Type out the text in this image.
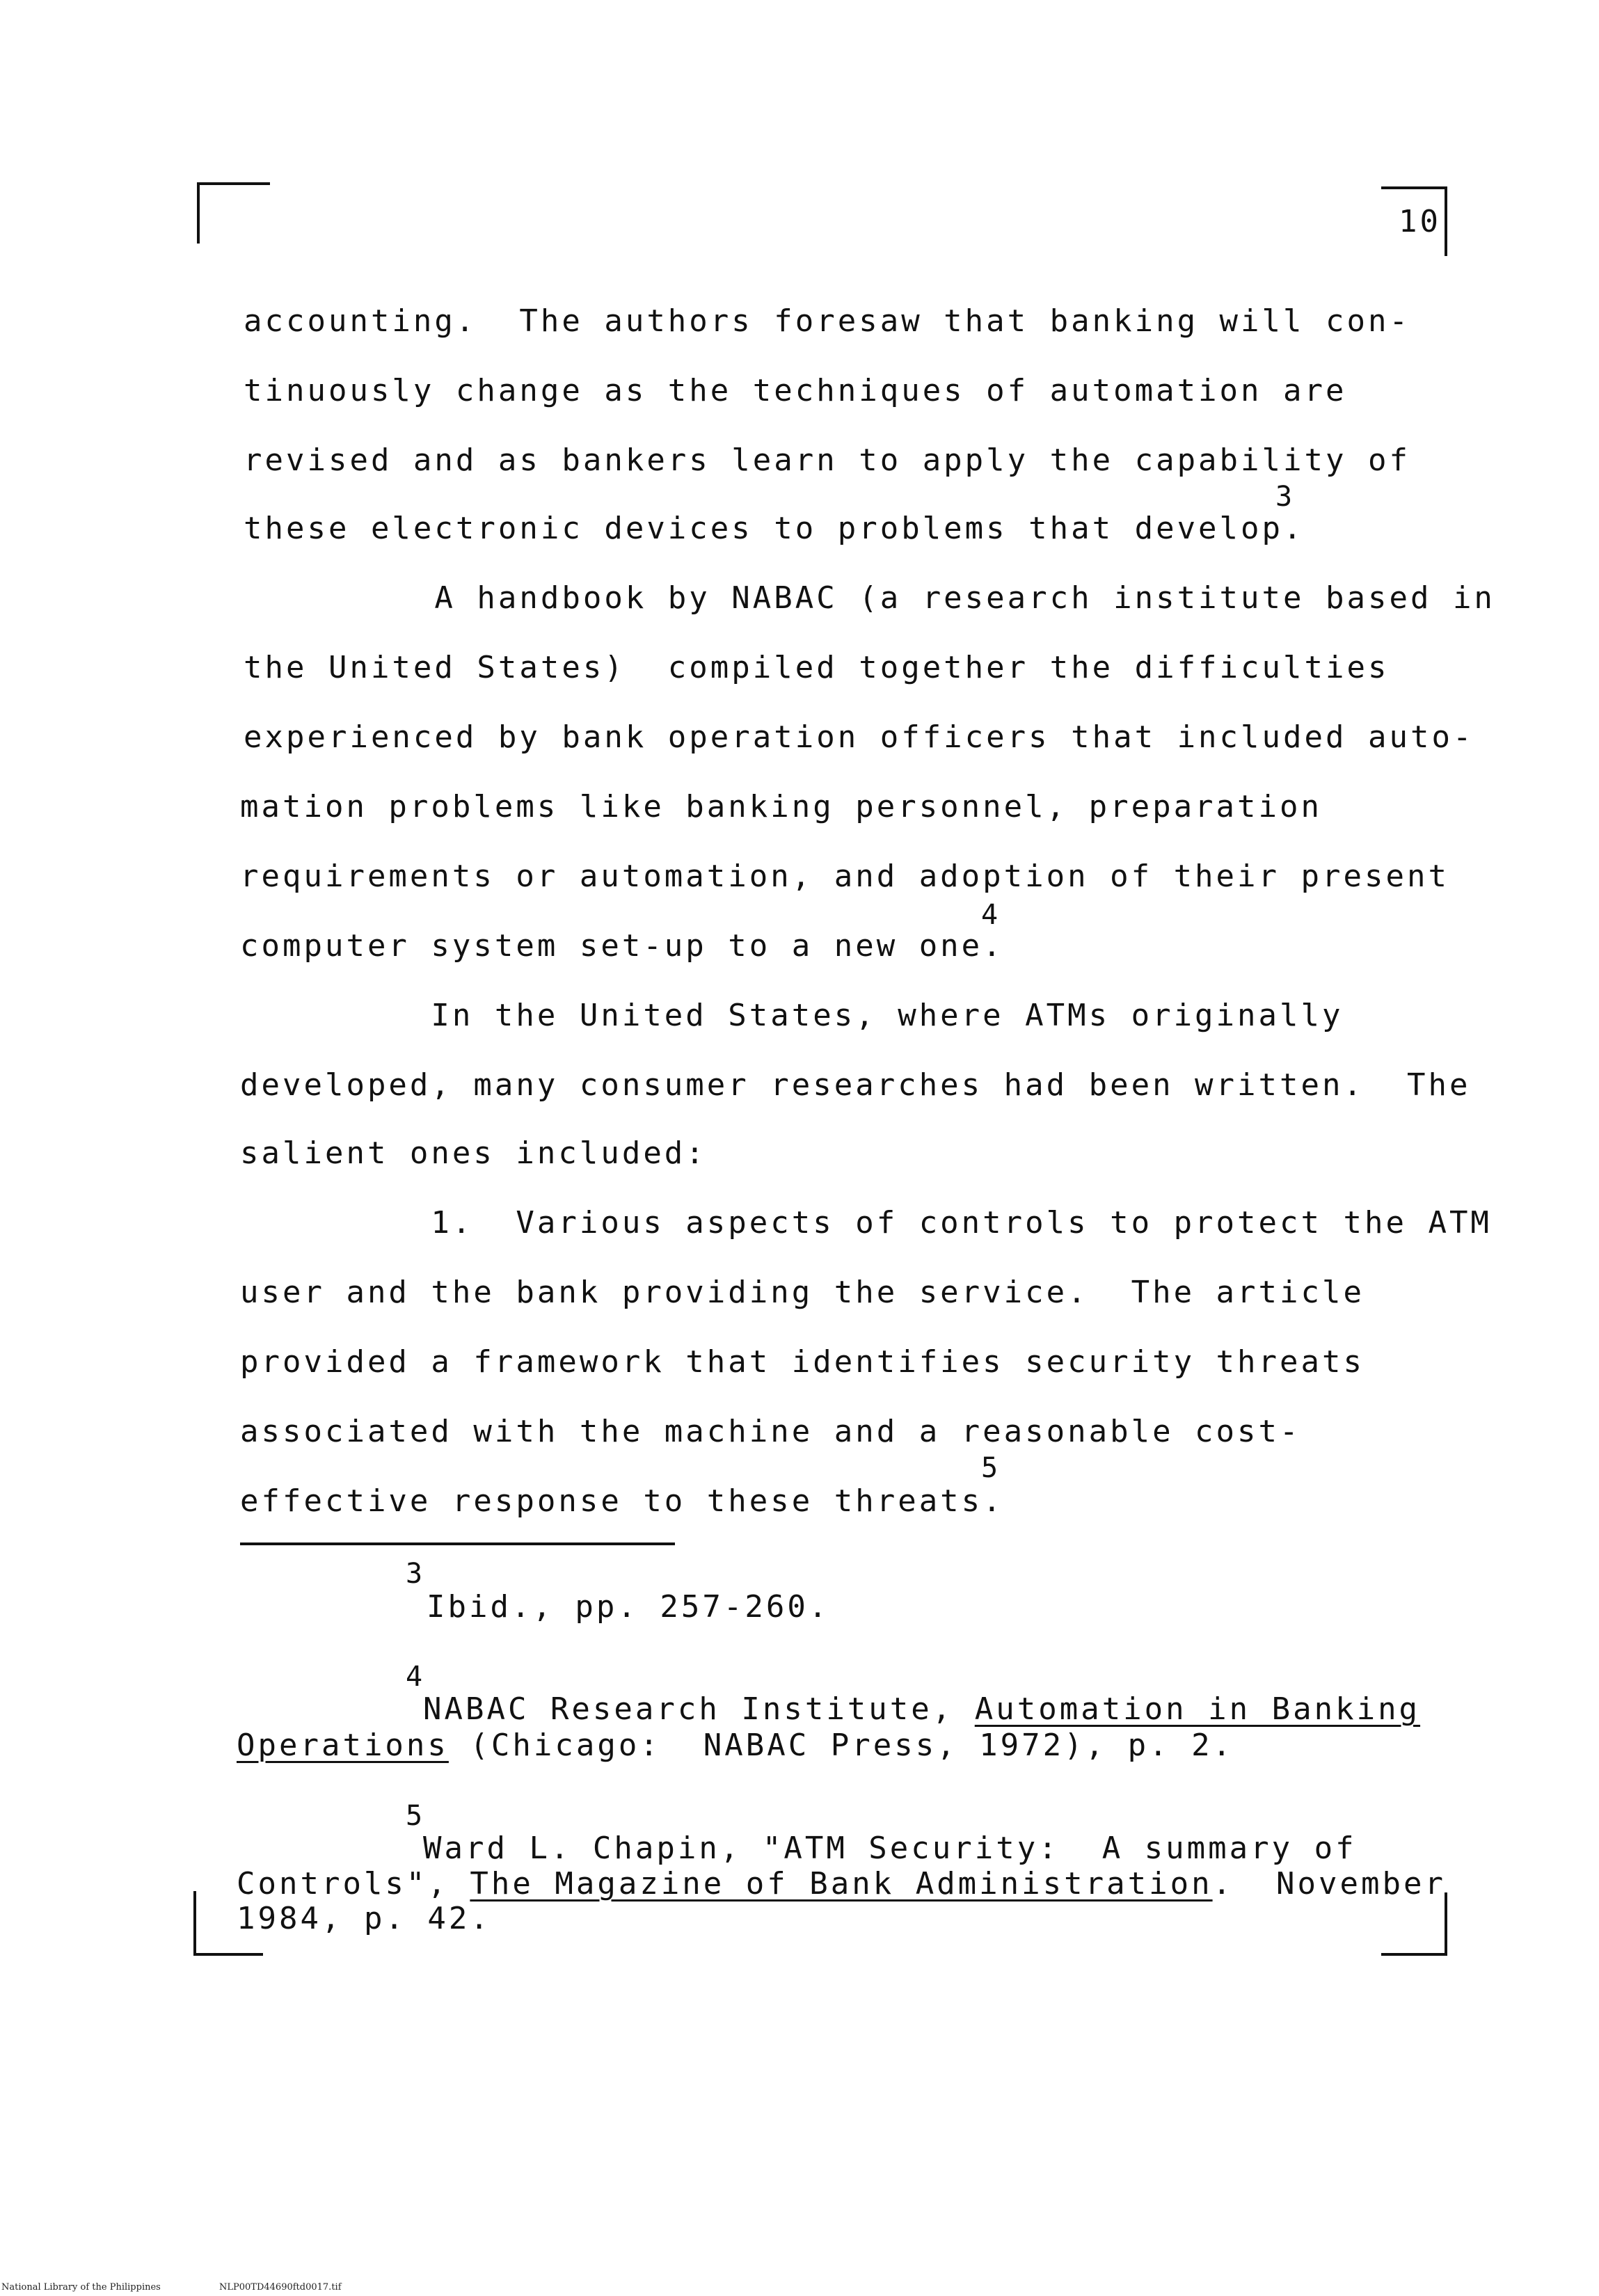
10
accounting.  The authors foresaw that banking will con-
tinuously change as the techniques of automation are
revised and as bankers learn to apply the capability of
3
these electronic devices to problems that develop.
A handbook by NABAC (a research institute based in
the United States)  compiled together the difficulties
experienced by bank operation officers that included auto-
mation problems like banking personnel, preparation
requirements or automation, and adoption of their present
4
computer system set-up to a new one.
In the United States, where ATMs originally
developed, many consumer researches had been written.  The
salient ones included:
1.  Various aspects of controls to protect the ATM
user and the bank providing the service.  The article
provided a framework that identifies security threats
associated with the machine and a reasonable cost-
5
effective response to these threats.
3
Ibid., pp. 257-260.
4
NABAC Research Institute, Automation in Banking
Operations (Chicago:  NABAC Press, 1972), p. 2.
5
Ward L. Chapin, "ATM Security:  A summary of
Controls", The Magazine of Bank Administration.  November
1984, p. 42.
National Library of the Philippines	NLP00TD44690ftd0017.tif
